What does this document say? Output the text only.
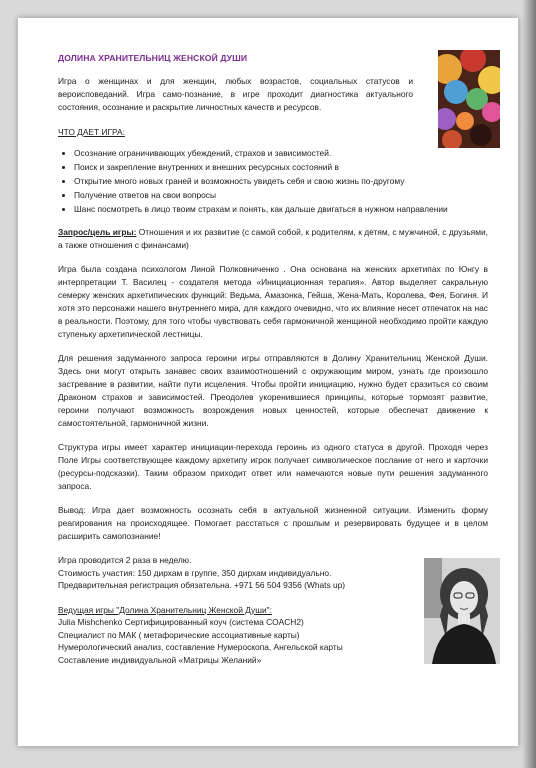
ДОЛИНА ХРАНИТЕЛЬНИЦ ЖЕНСКОЙ ДУШИ
Игра о женщинах и для женщин, любых возрастов, социальных статусов и вероисповеданий. Игра само-познание, в игре проходит диагностика актуального состояния, осознание и раскрытие личностных качеств и ресурсов.
ЧТО ДАЕТ ИГРА:
• Осознание ограничивающих убеждений, страхов и зависимостей.
• Поиск и закрепление внутренних и внешних ресурсных состояний в
• Открытие много новых граней и возможность увидеть себя и свою жизнь по-другому
• Получение ответов на свои вопросы
• Шанс посмотреть в лицо твоим страхам и понять, как дальше двигаться в нужном направлении

Запрос/цель игры: Отношения и их развитие (с самой собой, к родителям, к детям, с мужчиной, с друзьями, а также отношения с финансами)

Игра была создана психологом Линой Полковниченко . Она основана на женских архетипах по Юнгу в интерпретации Т. Василец - создателя метода «Инициационная терапия». Автор выделяет сакральную семерку женских архетипических функций: Ведьма, Амазонка, Гейша, Жена-Мать, Королева, Фея, Богиня. И хотя это персонажи нашего внутреннего мира, для каждого очевидно, что их влияние несет отпечаток на нас в реальности. Поэтому, для того чтобы чувствовать себя гармоничной женщиной необходимо пройти каждую ступеньку архетипической лестницы.

Для решения задуманного запроса героини игры отправляются в Долину Хранительниц Женской Души. Здесь они могут открыть занавес своих взаимоотношений с окружающим миром, узнать где произошло застревание в развитии, найти пути исцеления. Чтобы пройти инициацию, нужно будет сразиться со своим Драконом страхов и зависимостей. Преодолев укоренившиеся принципы, которые тормозят развитие, героини получают возможность возрождения новых ценностей, которые обеспечат движение к самостоятельной, гармоничной жизни.

Структура игры имеет характер инициации-перехода героинь из одного статуса в другой. Проходя через Поле Игры соответствующее каждому архетипу игрок получает символическое послание от него и карточки (ресурсы-подсказки). Таким образом приходит ответ или намечаются новые пути решения задуманного запроса.

Вывод: Игра дает возможность осознать себя в актуальной жизненной ситуации. Изменить форму реагирования на происходящее. Помогает расстаться с прошлым и резервировать будущее и в целом расширить самопознание!

Игра проводится 2 раза в неделю.
Стоимость участия: 150 дирхам в группе, 350 дирхам индивидуально.
Предварительная регистрация обязательна. +971 56 504 9356 (Whats up)
Ведущая игры "Долина Хранительниц Женской Души":
Julia Mishchenko Сертифицированный коуч (система COACH2)
Специалист по МАК ( метафорические ассоциативные карты)
Нумерологический анализ, составление Нумероскопа, Ангельской карты
Составление индивидуальной «Матрицы Желаний»
